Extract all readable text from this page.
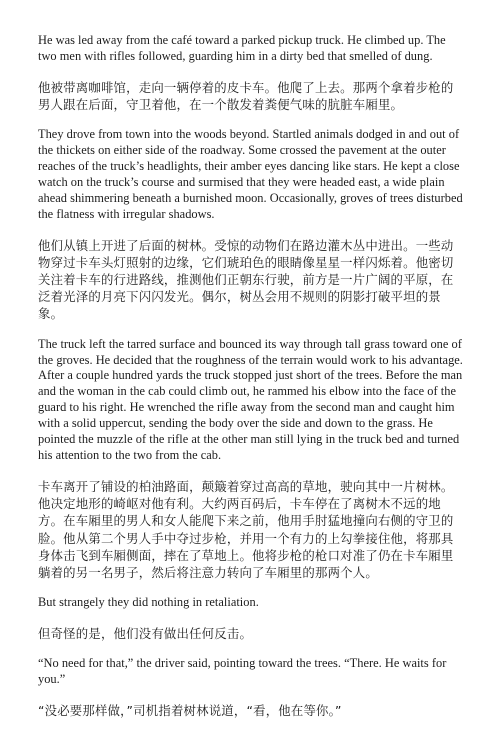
He was led away from the café toward a parked pickup truck. He climbed up. The two men with rifles followed, guarding him in a dirty bed that smelled of dung.

他被带离咖啡馆，走向一辆停着的皮卡车。他爬了上去。那两个拿着步枪的男人跟在后面，守卫着他，在一个散发着粪便气味的肮脏车厢里。

They drove from town into the woods beyond. Startled animals dodged in and out of the thickets on either side of the roadway. Some crossed the pavement at the outer reaches of the truck’s headlights, their amber eyes dancing like stars. He kept a close watch on the truck’s course and surmised that they were headed east, a wide plain ahead shimmering beneath a burnished moon. Occasionally, groves of trees disturbed the flatness with irregular shadows.

他们从镇上开进了后面的树林。受惊的动物们在路边灌木丛中进出。一些动物穿过卡车头灯照射的边缘，它们琥珀色的眼睛像星星一样闪烁着。他密切关注着卡车的行进路线，推测他们正朝东行驶，前方是一片广阔的平原，在泛着光泽的月亮下闪闪发光。偶尔，树丛会用不规则的阴影打破平坦的景象。

The truck left the tarred surface and bounced its way through tall grass toward one of the groves. He decided that the roughness of the terrain would work to his advantage. After a couple hundred yards the truck stopped just short of the trees. Before the man and the woman in the cab could climb out, he rammed his elbow into the face of the guard to his right. He wrenched the rifle away from the second man and caught him with a solid uppercut, sending the body over the side and down to the grass. He pointed the muzzle of the rifle at the other man still lying in the truck bed and turned his attention to the two from the cab.

卡车离开了铺设的柏油路面，颠簸着穿过高高的草地，驶向其中一片树林。他决定地形的崎岖对他有利。大约两百码后，卡车停在了离树木不远的地方。在车厢里的男人和女人能爬下来之前，他用手肘猛地撞向右侧的守卫的脸。他从第二个男人手中夺过步枪，并用一个有力的上勾拳接住他，将那具身体击飞到车厢侧面，摔在了草地上。他将步枪的枪口对准了仍在卡车厢里躺着的另一名男子，然后将注意力转向了车厢里的那两个人。

But strangely they did nothing in retaliation.

但奇怪的是，他们没有做出任何反击。

“No need for that,” the driver said, pointing toward the trees. “There. He waits for you.”

“没必要那样做，”司机指着树林说道，“看，他在等你。”
